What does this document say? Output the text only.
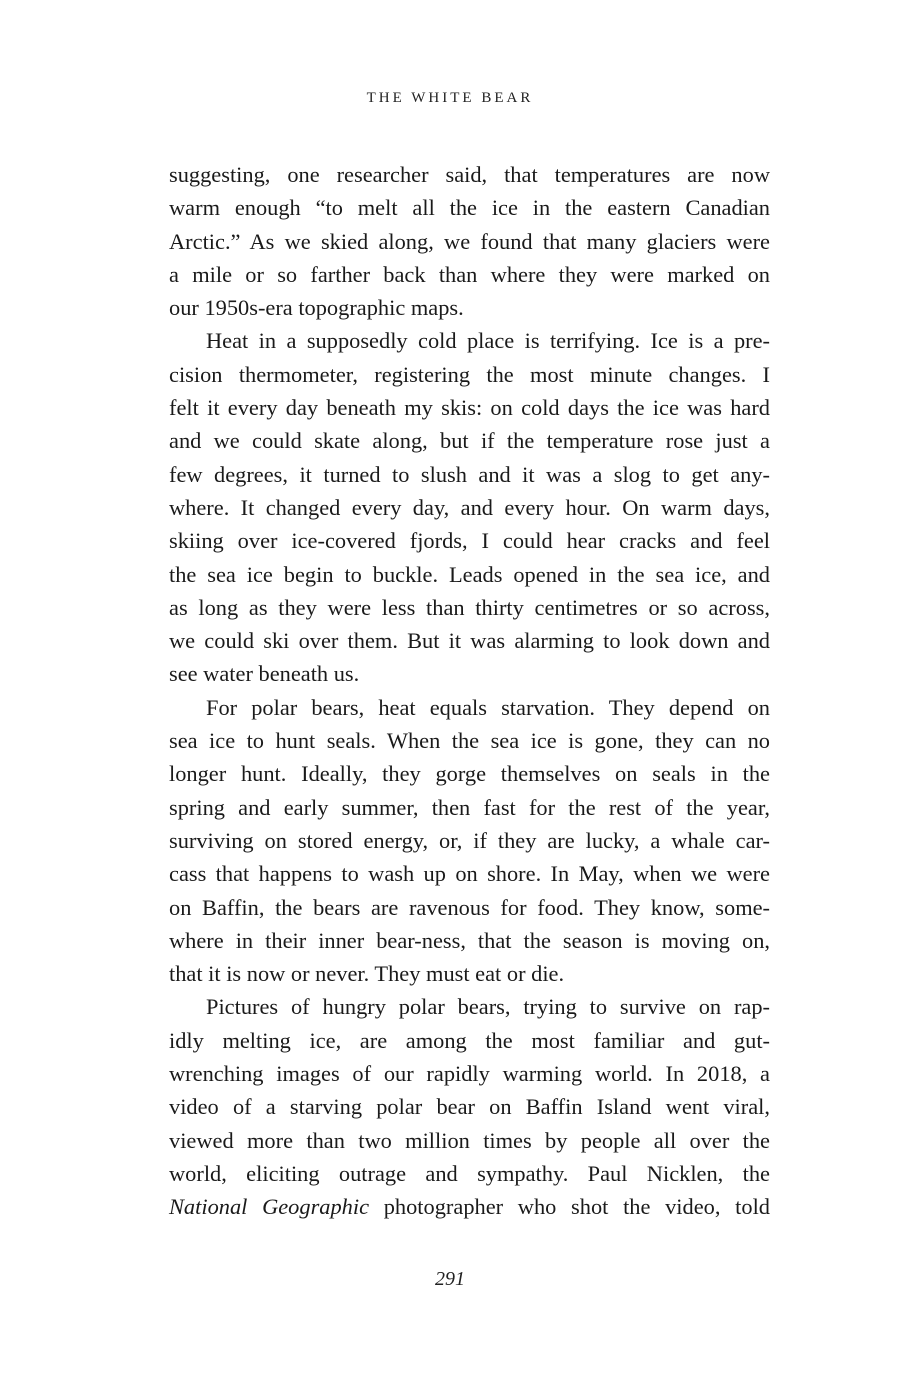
THE WHITE BEAR
suggesting, one researcher said, that temperatures are now
warm enough “to melt all the ice in the eastern Canadian
Arctic.” As we skied along, we found that many glaciers were
a mile or so farther back than where they were marked on
our 1950s-era topographic maps.
Heat in a supposedly cold place is terrifying. Ice is a pre-
cision thermometer, registering the most minute changes. I
felt it every day beneath my skis: on cold days the ice was hard
and we could skate along, but if the temperature rose just a
few degrees, it turned to slush and it was a slog to get any-
where. It changed every day, and every hour. On warm days,
skiing over ice-covered fjords, I could hear cracks and feel
the sea ice begin to buckle. Leads opened in the sea ice, and
as long as they were less than thirty centimetres or so across,
we could ski over them. But it was alarming to look down and
see water beneath us.
For polar bears, heat equals starvation. They depend on
sea ice to hunt seals. When the sea ice is gone, they can no
longer hunt. Ideally, they gorge themselves on seals in the
spring and early summer, then fast for the rest of the year,
surviving on stored energy, or, if they are lucky, a whale car-
cass that happens to wash up on shore. In May, when we were
on Baffin, the bears are ravenous for food. They know, some-
where in their inner bear-ness, that the season is moving on,
that it is now or never. They must eat or die.
Pictures of hungry polar bears, trying to survive on rap-
idly melting ice, are among the most familiar and gut-
wrenching images of our rapidly warming world. In 2018, a
video of a starving polar bear on Baffin Island went viral,
viewed more than two million times by people all over the
world, eliciting outrage and sympathy. Paul Nicklen, the
National Geographic photographer who shot the video, told
291
